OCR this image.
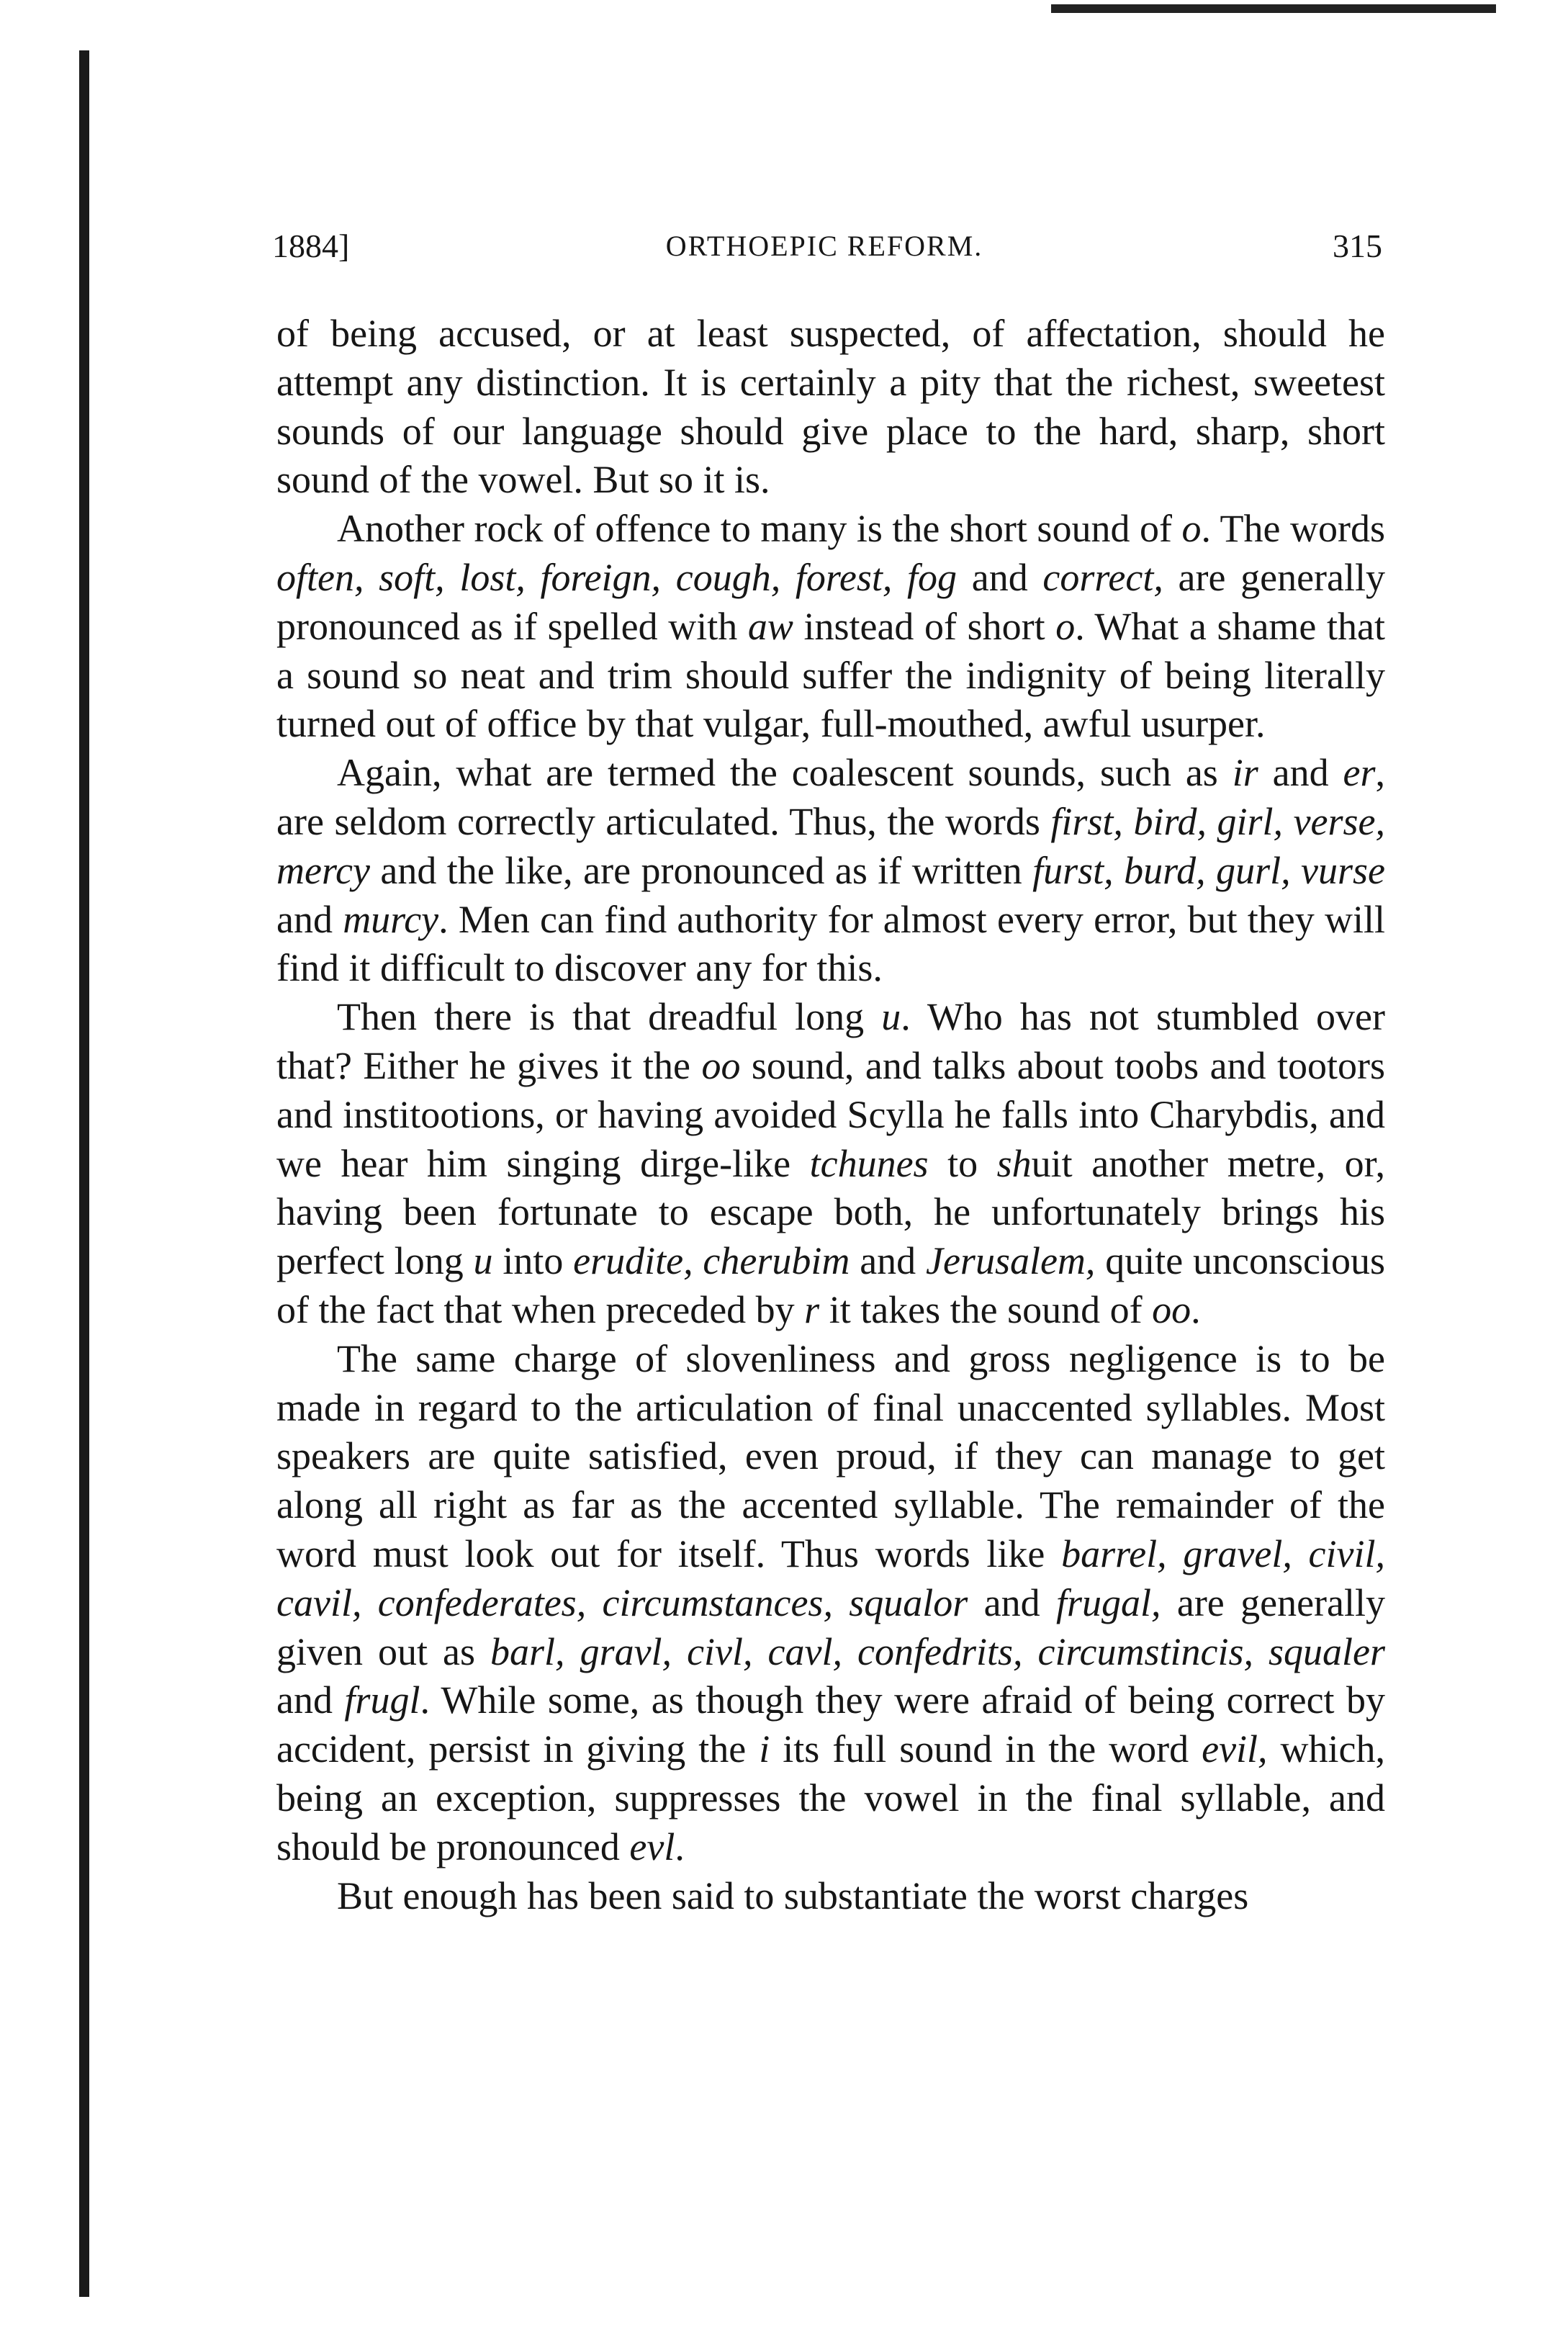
ORTHOEPIC REFORM.
1884]	315

of being accused, or at least suspected, of affectation, should he attempt any distinction. It is certainly a pity that the richest, sweetest sounds of our language should give place to the hard, sharp, short sound of the vowel. But so it is.

Another rock of offence to many is the short sound of o. The words often, soft, lost, foreign, cough, forest, fog and correct, are generally pronounced as if spelled with aw instead of short o. What a shame that a sound so neat and trim should suffer the indignity of being literally turned out of office by that vulgar, full-mouthed, awful usurper.

Again, what are termed the coalescent sounds, such as ir and er, are seldom correctly articulated. Thus, the words first, bird, girl, verse, mercy and the like, are pronounced as if written furst, burd, gurl, vurse and murcy. Men can find authority for almost every error, but they will find it difficult to discover any for this.

Then there is that dreadful long u. Who has not stumbled over that? Either he gives it the oo sound, and talks about toobs and tootors and institootions, or having avoided Scylla he falls into Charybdis, and we hear him singing dirge-like tchunes to shuit another metre, or, having been fortunate to escape both, he unfortunately brings his perfect long u into erudite, cherubim and Jerusalem, quite unconscious of the fact that when preceded by r it takes the sound of oo.

The same charge of slovenliness and gross negligence is to be made in regard to the articulation of final unaccented syllables. Most speakers are quite satisfied, even proud, if they can manage to get along all right as far as the accented syllable. The remainder of the word must look out for itself. Thus words like barrel, gravel, civil, cavil, confederates, circumstances, squalor and frugal, are generally given out as barl, gravl, civl, cavl, confedrits, circumstincis, squaler and frugl. While some, as though they were afraid of being correct by accident, persist in giving the i its full sound in the word evil, which, being an exception, suppresses the vowel in the final syllable, and should be pronounced evl.

But enough has been said to substantiate the worst charges
